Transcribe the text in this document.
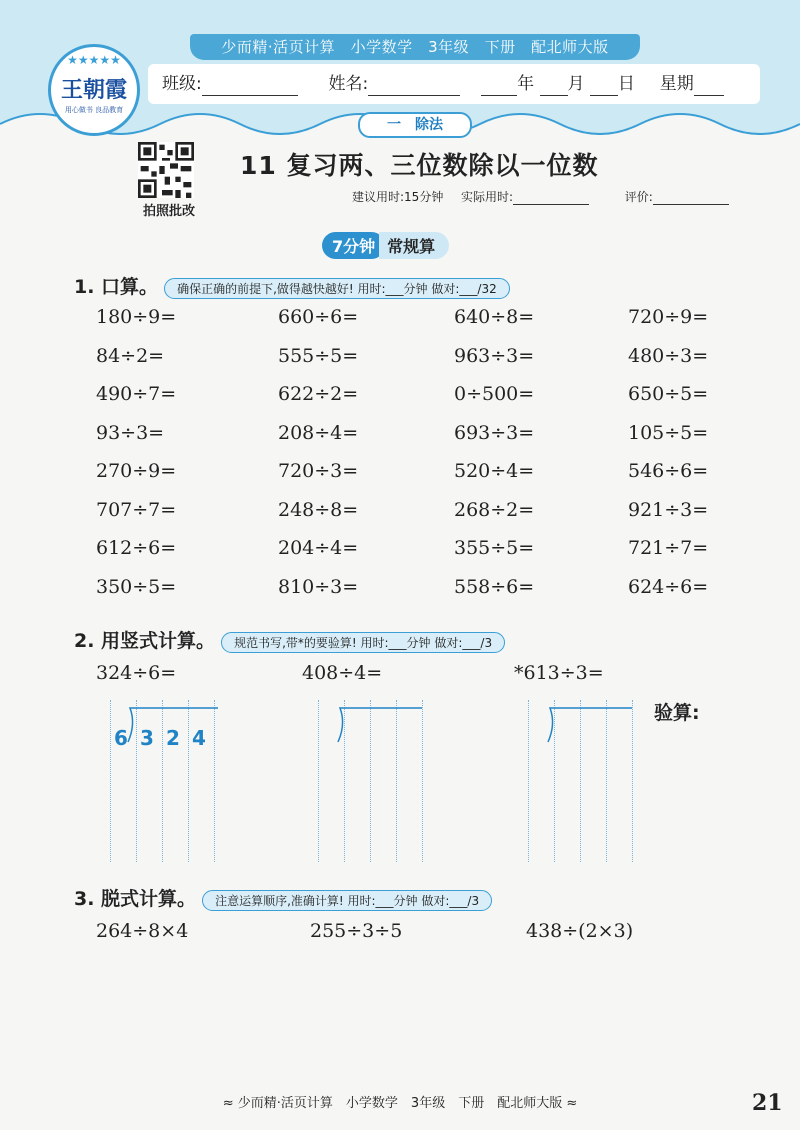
少而精·活页计算　小学数学　3年级　下册　配北师大版
班级:	姓名:	年 月 日 星期
★★★★★
王朝霞
用心做书 良品教育
一　除法
拍照批改
11 复习两、三位数除以一位数
建议用时:15分钟 实际用时:	评价:
7分钟 常规算
1. 口算。 确保正确的前提下,做得越快越好! 用时:___分钟 做对:___/32
180÷9=	660÷6=	640÷8=	720÷9=
84÷2=	555÷5=	963÷3=	480÷3=
490÷7=	622÷2=	0÷500=	650÷5=
93÷3=	208÷4=	693÷3=	105÷5=
270÷9=	720÷3=	520÷4=	546÷6=
707÷7=	248÷8=	268÷2=	921÷3=
612÷6=	204÷4=	355÷5=	721÷7=
350÷5=	810÷3=	558÷6=	624÷6=
2. 用竖式计算。 规范书写,带*的要验算! 用时:___分钟 做对:___/3
324÷6=	408÷4=	*613÷3=
验算:
6 3 2 4
3. 脱式计算。 注意运算顺序,准确计算! 用时:___分钟 做对:___/3
264÷8×4	255÷3÷5	438÷(2×3)
≈ 少而精·活页计算　小学数学　3年级　下册　配北师大版 ≈	21
